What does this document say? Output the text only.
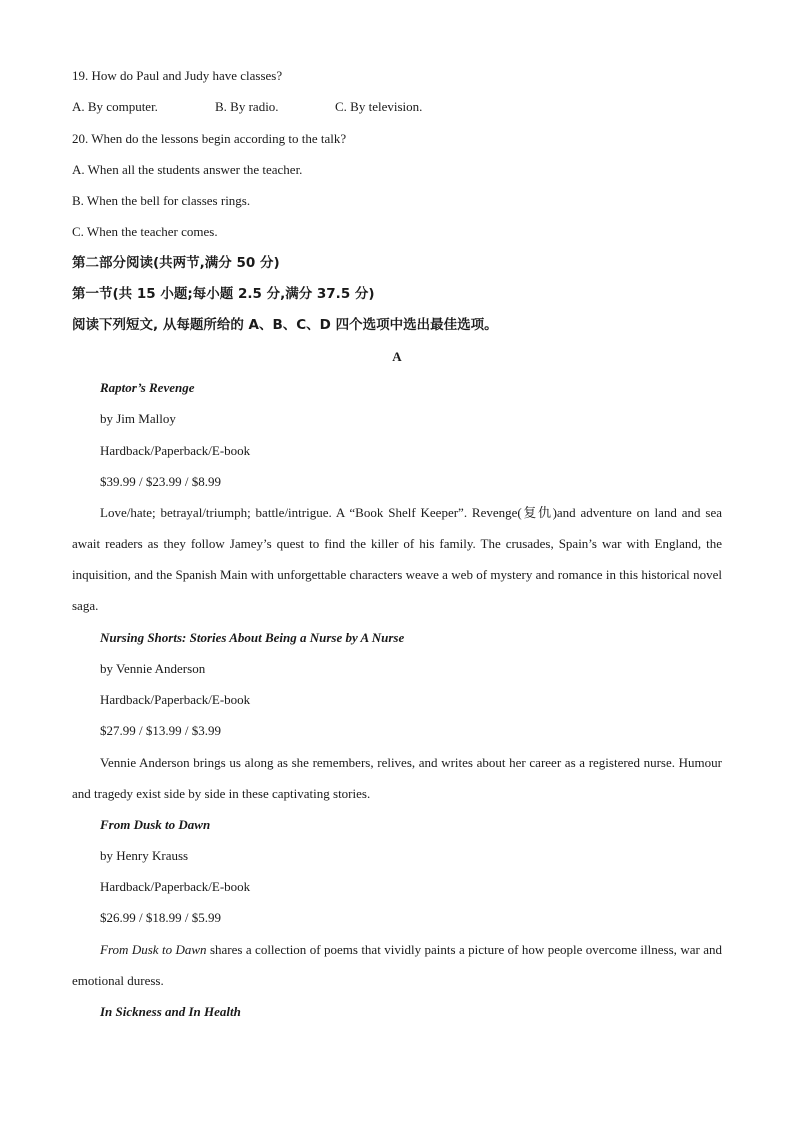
19. How do Paul and Judy have classes?
A. By computer.	B. By radio.	C. By television.
20. When do the lessons begin according to the talk?
A. When all the students answer the teacher.
B. When the bell for classes rings.
C. When the teacher comes.
第二部分阅读(共两节,满分 50 分)
第一节(共 15 小题;每小题 2.5 分,满分 37.5 分)
阅读下列短文, 从每题所给的 A、B、C、D 四个选项中选出最佳选项。
A
Raptor’s Revenge
by Jim Malloy
Hardback/Paperback/E-book
$39.99 / $23.99 / $8.99
Love/hate; betrayal/triumph; battle/intrigue. A “Book Shelf Keeper”. Revenge(复仇)and adventure on land and sea await readers as they follow Jamey’s quest to find the killer of his family. The crusades, Spain’s war with England, the inquisition, and the Spanish Main with unforgettable characters weave a web of mystery and romance in this historical novel saga.
Nursing Shorts: Stories About Being a Nurse by A Nurse
by Vennie Anderson
Hardback/Paperback/E-book
$27.99 / $13.99 / $3.99
Vennie Anderson brings us along as she remembers, relives, and writes about her career as a registered nurse. Humour and tragedy exist side by side in these captivating stories.
From Dusk to Dawn
by Henry Krauss
Hardback/Paperback/E-book
$26.99 / $18.99 / $5.99
From Dusk to Dawn shares a collection of poems that vividly paints a picture of how people overcome illness, war and emotional duress.
In Sickness and In Health
